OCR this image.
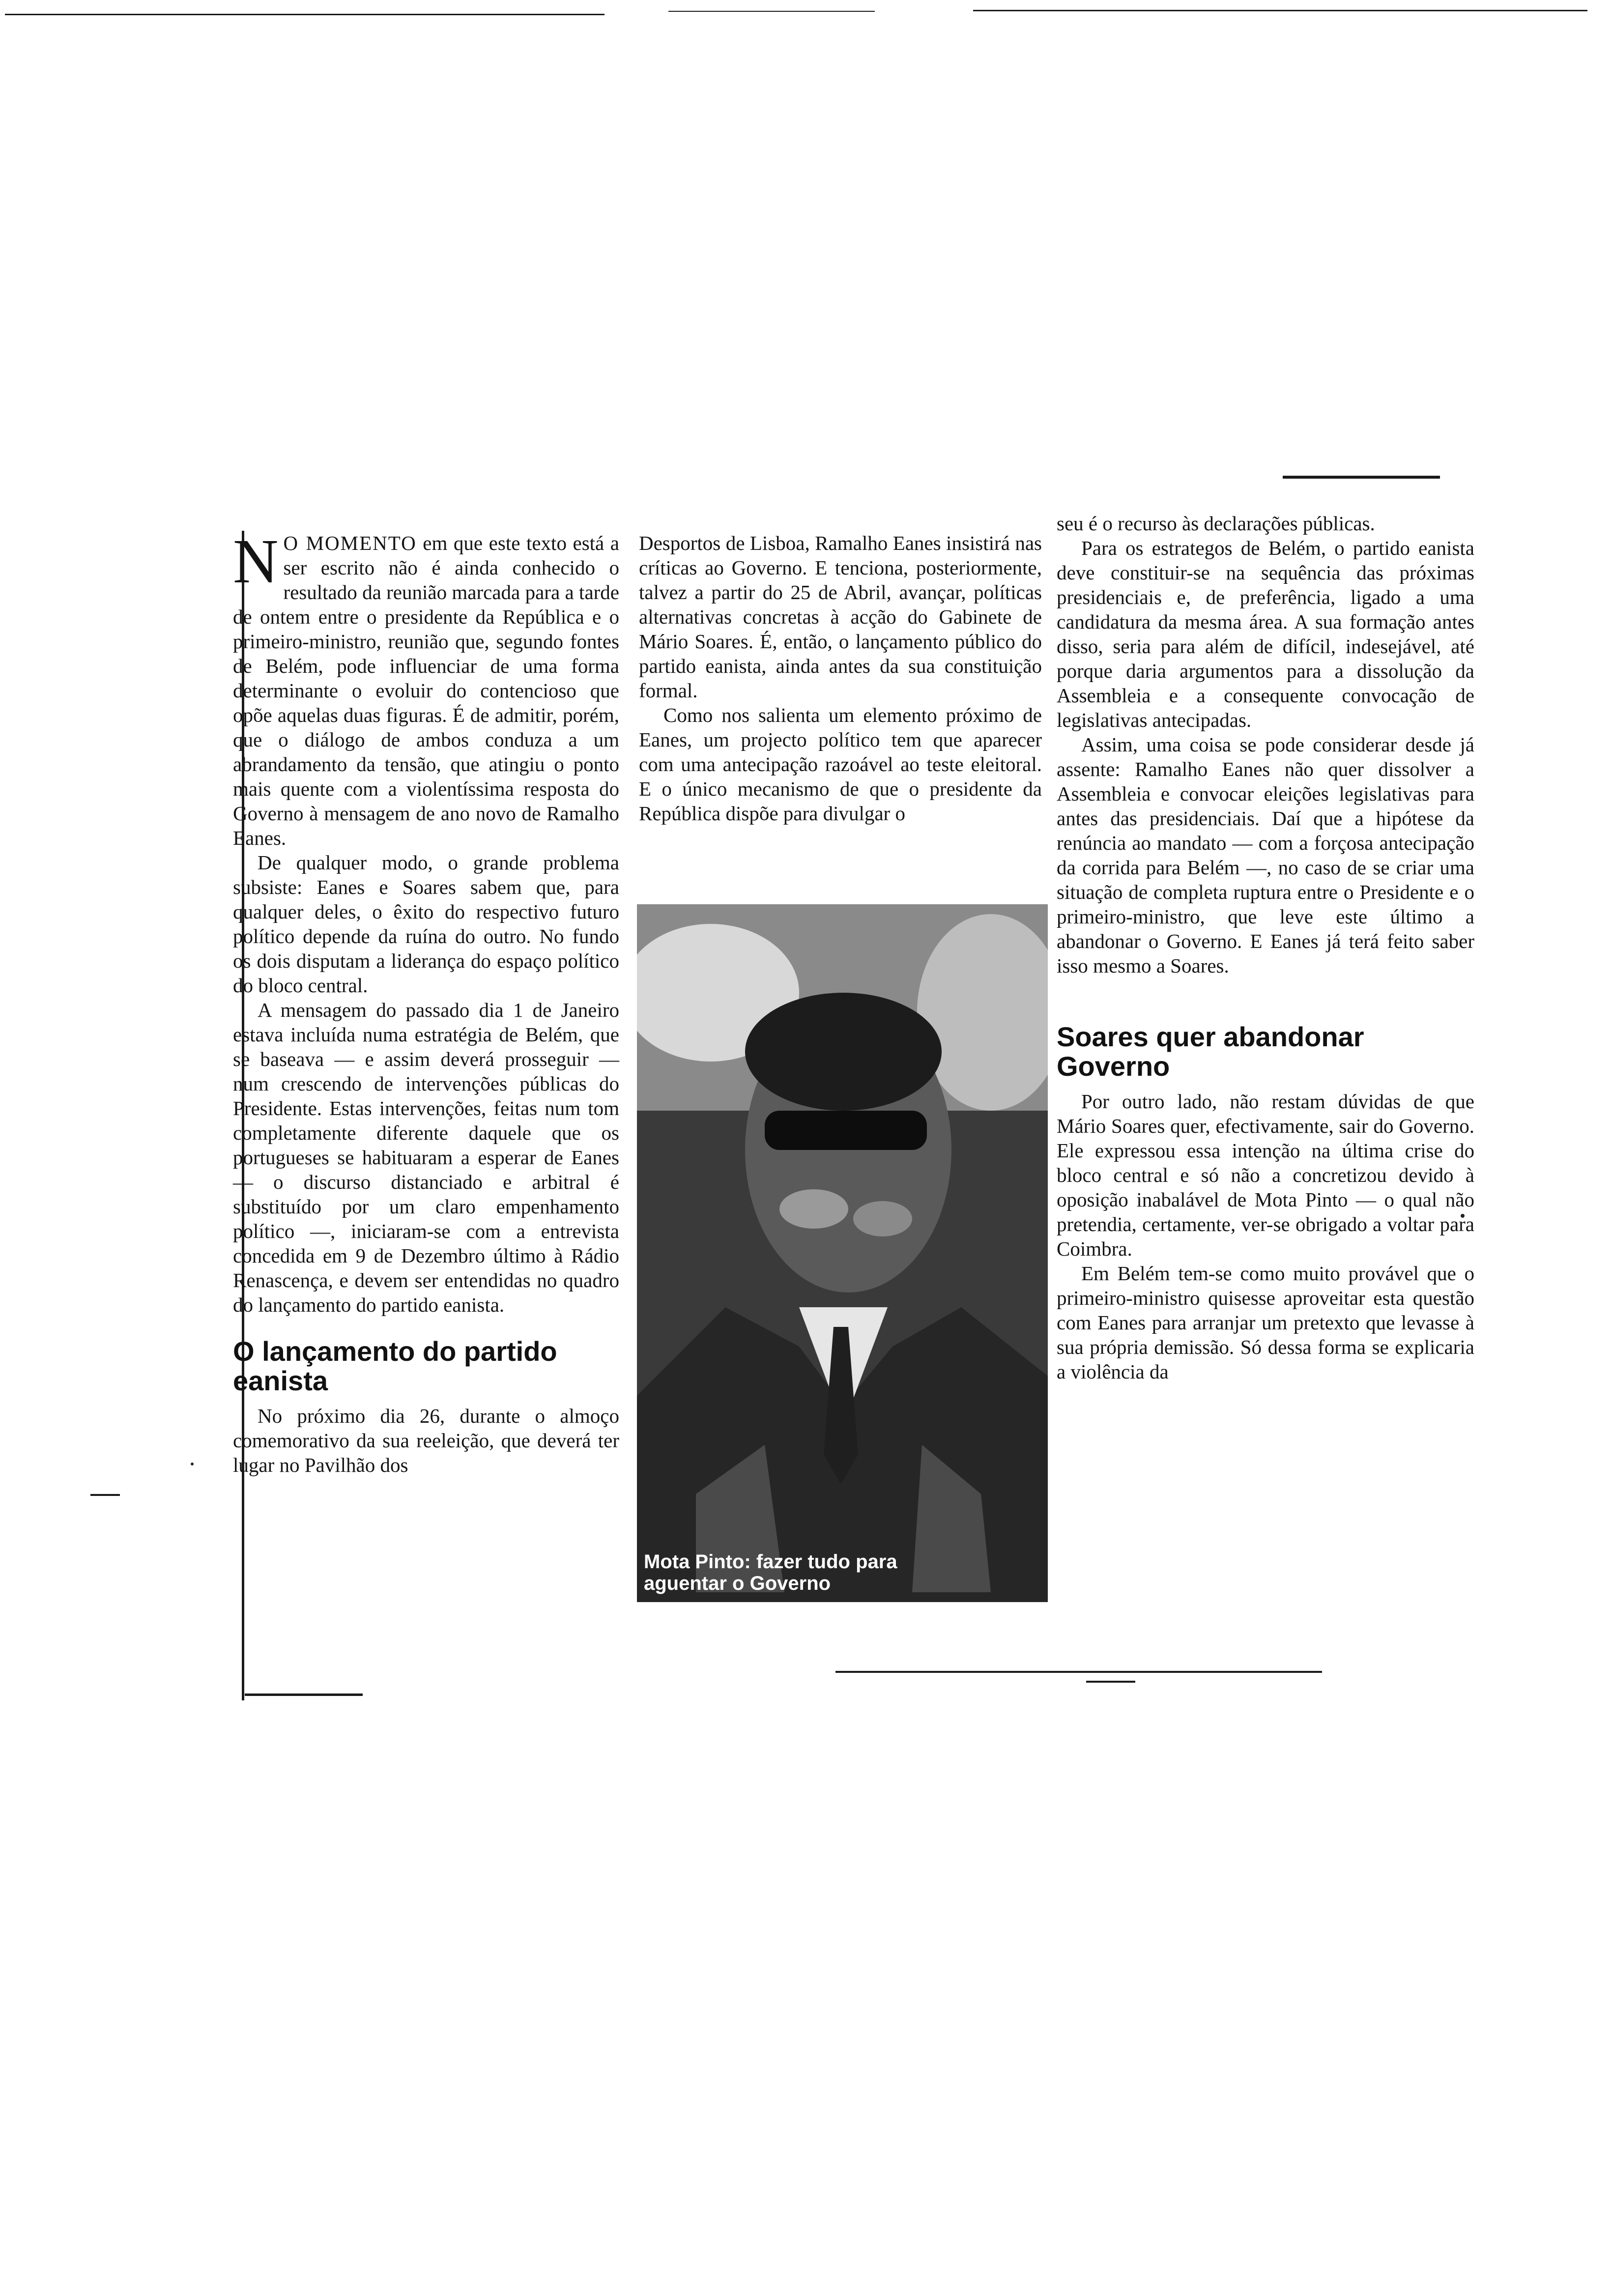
N O MOMENTO em que este texto está a ser escrito não é ainda conhecido o resultado da reunião marcada para a tarde de ontem entre o presidente da República e o primeiro-ministro, reunião que, segundo fontes de Belém, pode influenciar de uma forma determinante o evoluir do contencioso que opõe aquelas duas figuras. É de admitir, porém, que o diálogo de ambos conduza a um abrandamento da tensão, que atingiu o ponto mais quente com a violentíssima resposta do Governo à mensagem de ano novo de Ramalho Eanes.

De qualquer modo, o grande problema subsiste: Eanes e Soares sabem que, para qualquer deles, o êxito do respectivo futuro político depende da ruína do outro. No fundo os dois disputam a liderança do espaço político do bloco central.

A mensagem do passado dia 1 de Janeiro estava incluída numa estratégia de Belém, que se baseava — e assim deverá prosseguir — num crescendo de intervenções públicas do Presidente. Estas intervenções, feitas num tom completamente diferente daquele que os portugueses se habituaram a esperar de Eanes — o discurso distanciado e arbitral é substituído por um claro empenhamento político —, iniciaram-se com a entrevista concedida em 9 de Dezembro último à Rádio Renascença, e devem ser entendidas no quadro do lançamento do partido eanista.

O lançamento do partido eanista

No próximo dia 26, durante o almoço comemorativo da sua reeleição, que deverá ter lugar no Pavilhão dos

Desportos de Lisboa, Ramalho Eanes insistirá nas críticas ao Governo. E tenciona, posteriormente, talvez a partir do 25 de Abril, avançar, políticas alternativas concretas à acção do Gabinete de Mário Soares. É, então, o lançamento público do partido eanista, ainda antes da sua constituição formal.

Como nos salienta um elemento próximo de Eanes, um projecto político tem que aparecer com uma antecipação razoável ao teste eleitoral. E o único mecanismo de que o presidente da República dispõe para divulgar o

Mota Pinto: fazer tudo para aguentar o Governo

seu é o recurso às declarações públicas.

Para os estrategos de Belém, o partido eanista deve constituir-se na sequência das próximas presidenciais e, de preferência, ligado a uma candidatura da mesma área. A sua formação antes disso, seria para além de difícil, indesejável, até porque daria argumentos para a dissolução da Assembleia e a consequente convocação de legislativas antecipadas.

Assim, uma coisa se pode considerar desde já assente: Ramalho Eanes não quer dissolver a Assembleia e convocar eleições legislativas para antes das presidenciais. Daí que a hipótese da renúncia ao mandato — com a forçosa antecipação da corrida para Belém —, no caso de se criar uma situação de completa ruptura entre o Presidente e o primeiro-ministro, que leve este último a abandonar o Governo. E Eanes já terá feito saber isso mesmo a Soares.

Soares quer abandonar Governo

Por outro lado, não restam dúvidas de que Mário Soares quer, efectivamente, sair do Governo. Ele expressou essa intenção na última crise do bloco central e só não a concretizou devido à oposição inabalável de Mota Pinto — o qual não pretendia, certamente, ver-se obrigado a voltar para Coimbra.

Em Belém tem-se como muito provável que o primeiro-ministro quisesse aproveitar esta questão com Eanes para arranjar um pretexto que levasse à sua própria demissão. Só dessa forma se explicaria a violência da
